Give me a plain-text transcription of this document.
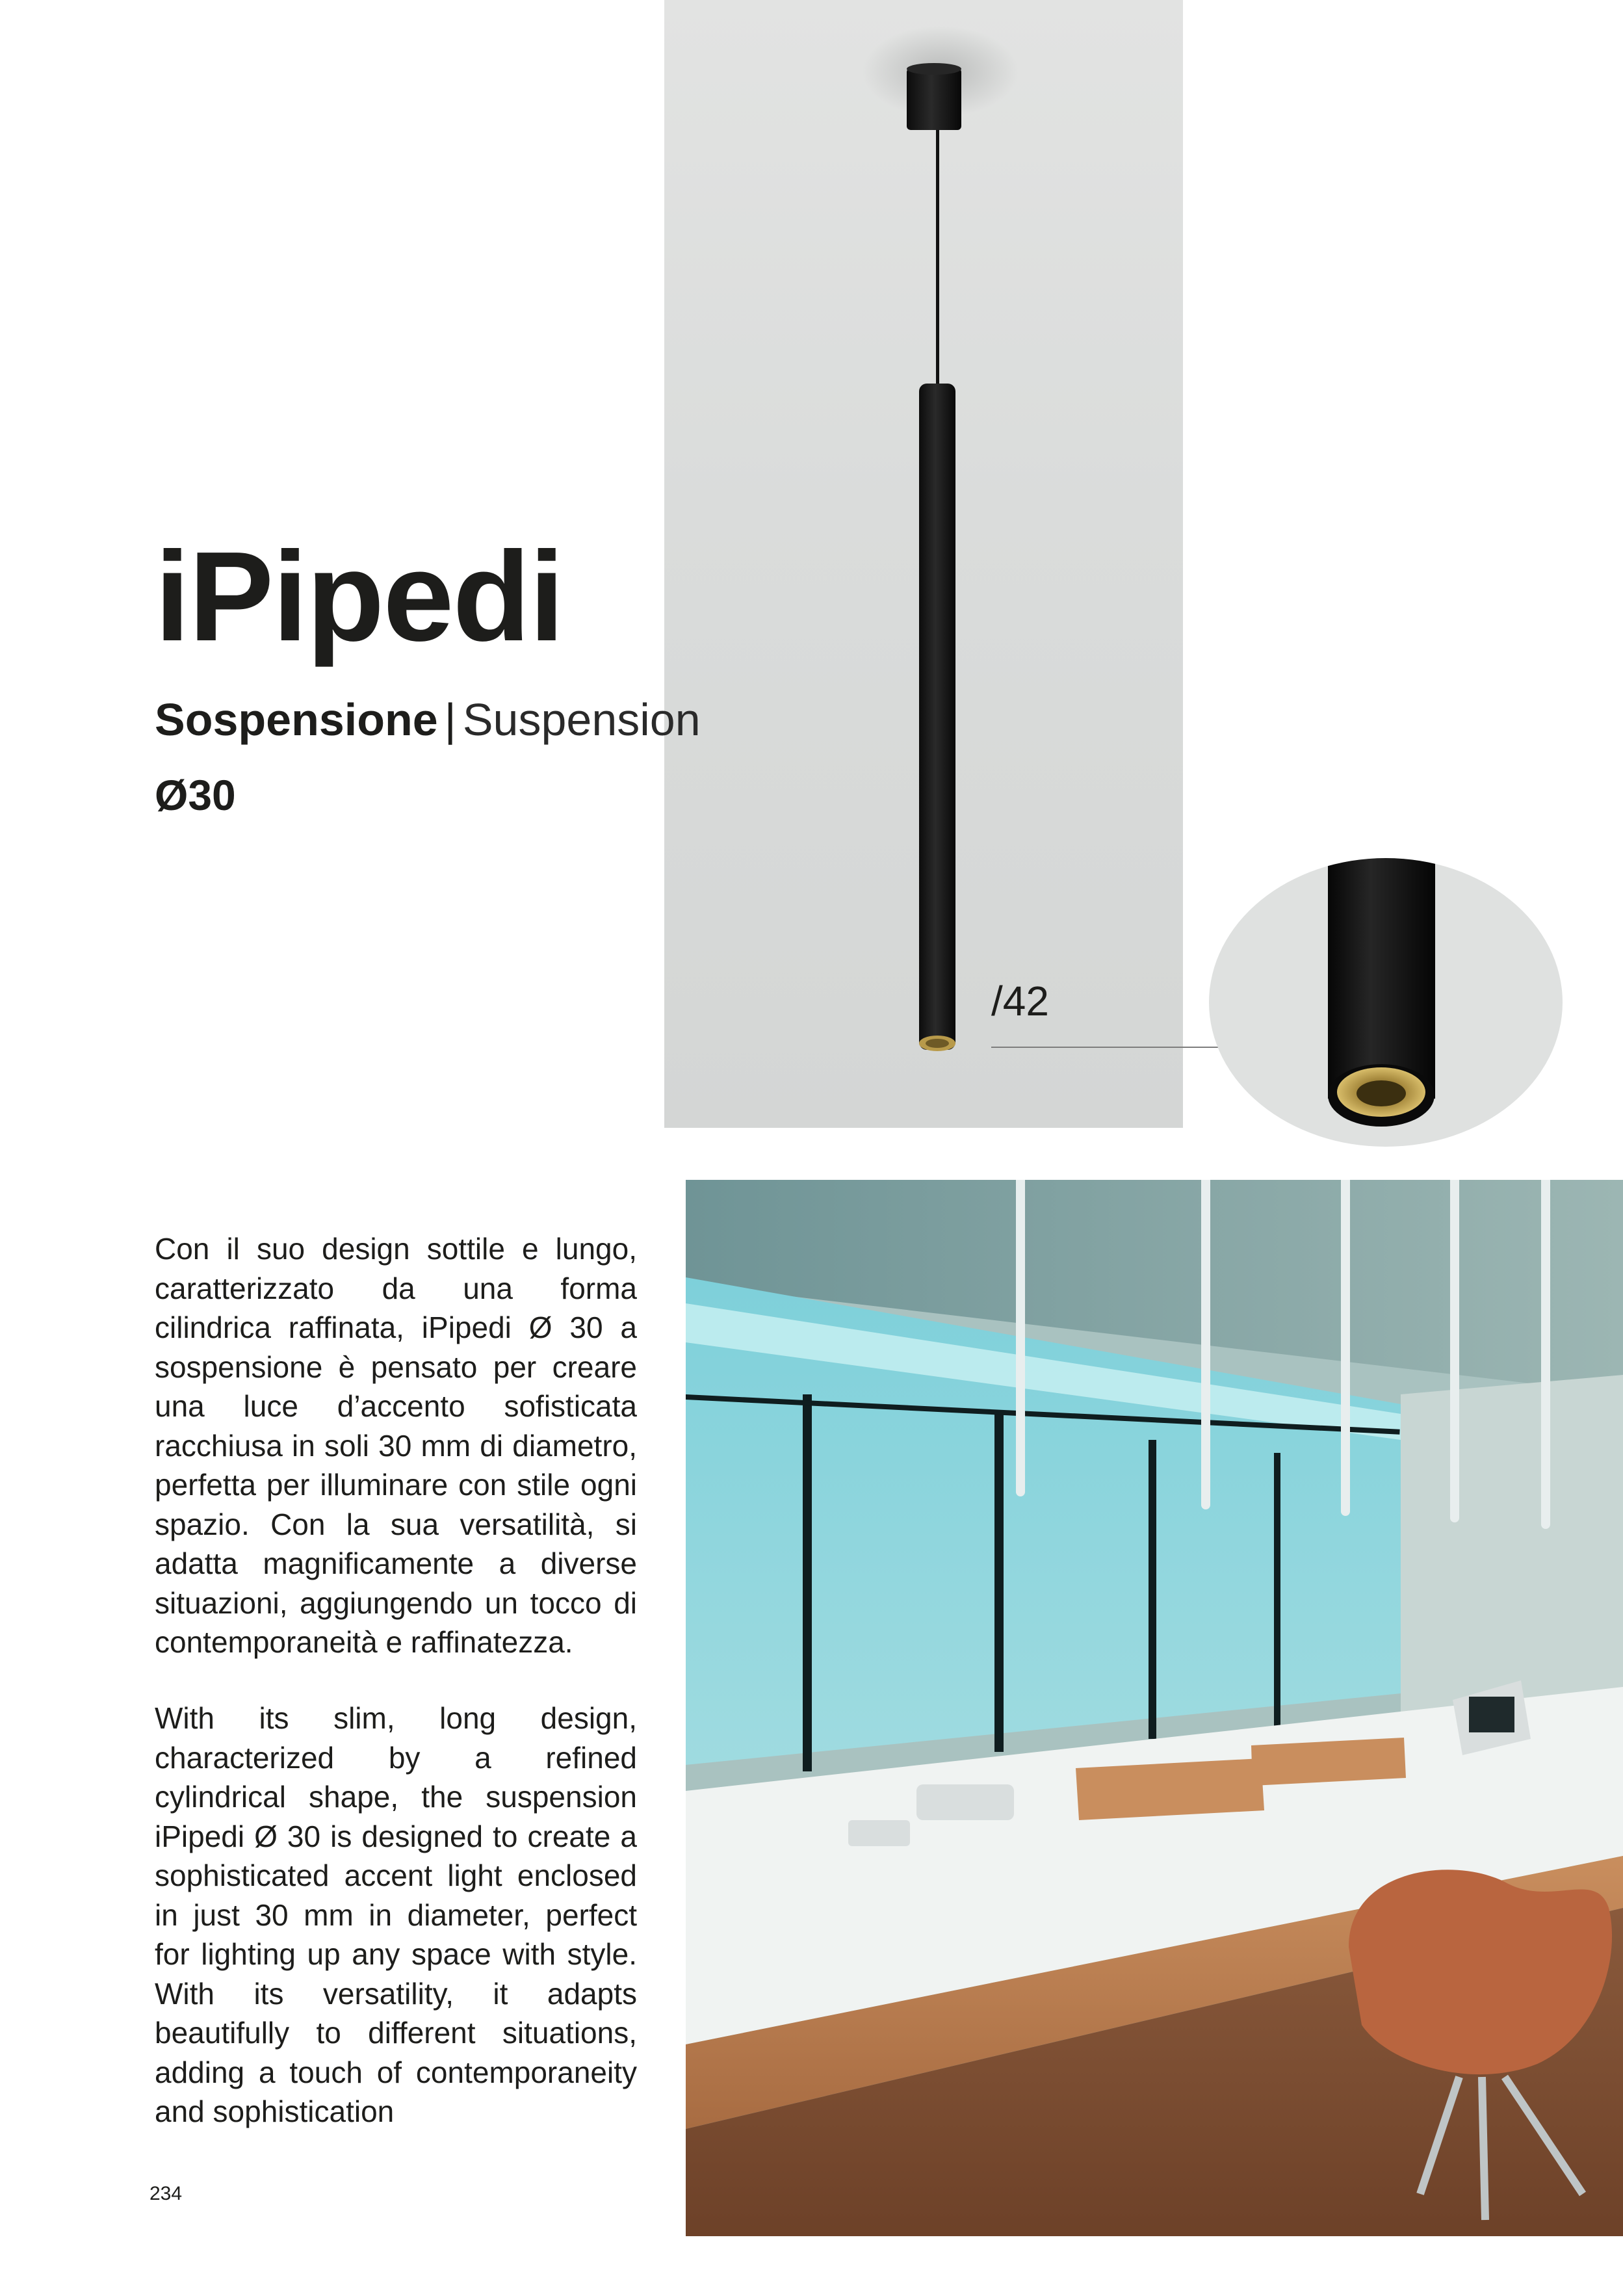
iPipedi
Sospensione | Suspension
Ø30
/42

Con il suo design sottile e lungo, caratterizzato da una forma cilindrica raffinata, iPipedi Ø 30 a sospensione è pensato per creare una luce d’accento sofisticata racchiusa in soli 30 mm di diametro, perfetta per illuminare con stile ogni spazio. Con la sua versatilità, si adatta magnificamente a diverse situazioni, aggiungendo un tocco di contemporaneità e raffinatezza.

With its slim, long design, characterized by a refined cylindrical shape, the suspension iPipedi Ø 30 is designed to create a sophisticated accent light enclosed in just 30 mm in diameter, perfect for lighting up any space with style. With its versatility, it adapts beautifully to different situations, adding a touch of contemporaneity and sophistication

234
